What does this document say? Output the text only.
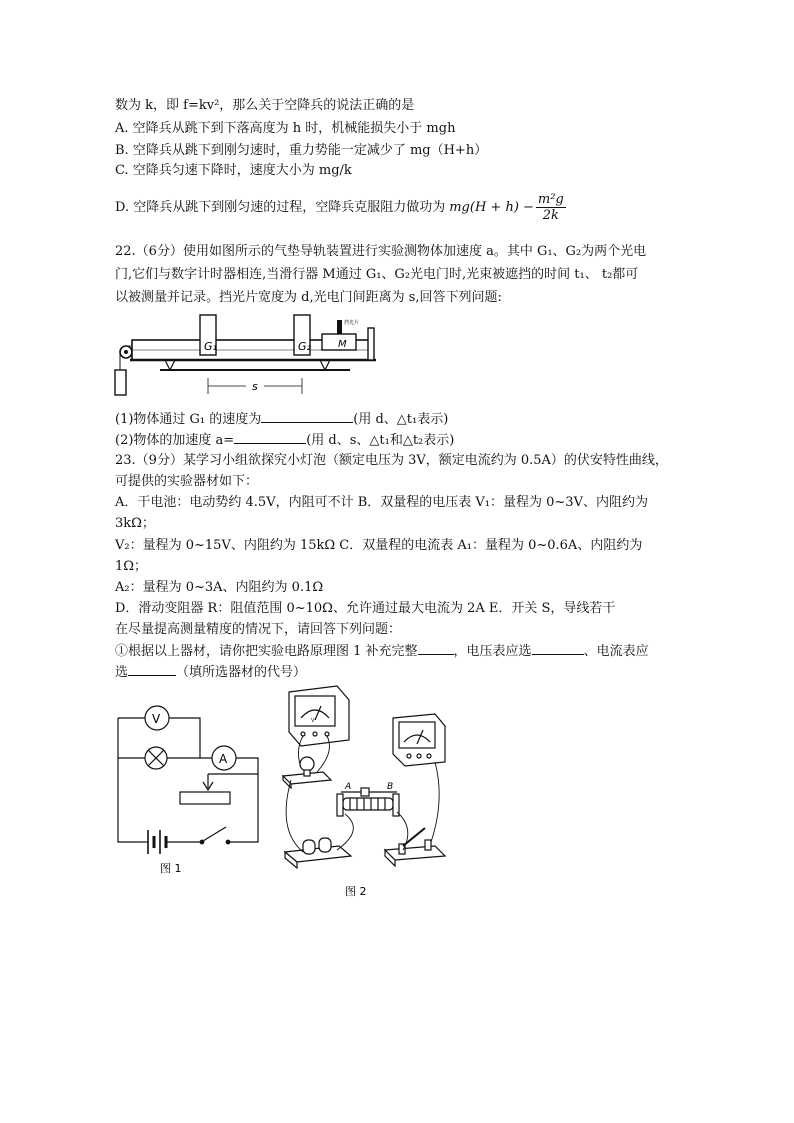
数为 k，即 f=kv²，那么关于空降兵的说法正确的是
A. 空降兵从跳下到下落高度为 h 时，机械能损失小于 mgh
B. 空降兵从跳下到刚匀速时，重力势能一定减少了 mg（H+h）
C. 空降兵匀速下降时，速度大小为 mg/k
D. 空降兵从跳下到刚匀速的过程，空降兵克服阻力做功为 $mg(H + h) - \frac{\text{m²g}}{2k}$
22.（6分）使用如图所示的气垫导轨装置进行实验测物体加速度 a。其中 G₁、G₂为两个光电
门,它们与数字计时器相连,当滑行器 M通过 G₁、G₂光电门时,光束被遮挡的时间 t₁、 t₂都可
以被测量并记录。挡光片宽度为 d,光电门间距离为 s,回答下列问题:
G₁	G₂	M
挡光片
s
(1)物体通过 G₁ 的速度为	(用 d、△t₁表示)
(2)物体的加速度 a=	(用 d、s、△t₁和△t₂表示)
23.（9分）某学习小组欲探究小灯泡（额定电压为 3V，额定电流约为 0.5A）的伏安特性曲线，
可提供的实验器材如下：
A．干电池：电动势约 4.5V，内阻可不计 B．双量程的电压表 V₁：量程为 0~3V、内阻约为
3kΩ；
V₂：量程为 0~15V、内阻约为 15kΩ C．双量程的电流表 A₁：量程为 0~0.6A、内阻约为
1Ω；
A₂：量程为 0~3A、内阻约为 0.1Ω
D．滑动变阻器 R：阻值范围 0~10Ω、允许通过最大电流为 2A E．开关 S，导线若干
在尽量提高测量精度的情况下，请回答下列问题：
①根据以上器材，请你把实验电路原理图 1 补充完整	，电压表应选	、电流表应
选	（填所选器材的代号）
V
A
图 1
V
A	B
图 2
